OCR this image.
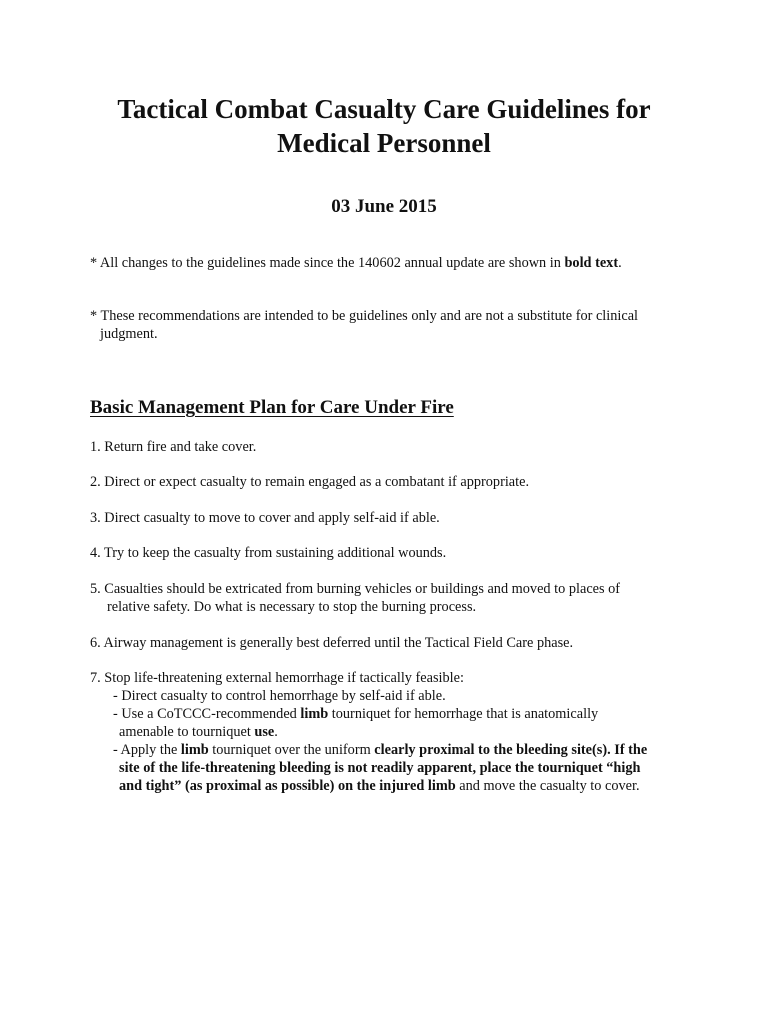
Tactical Combat Casualty Care Guidelines for
Medical Personnel
03 June 2015
* All changes to the guidelines made since the 140602 annual update are shown in bold text.
* These recommendations are intended to be guidelines only and are not a substitute for clinical
judgment.
Basic Management Plan for Care Under Fire
1. Return fire and take cover.
2. Direct or expect casualty to remain engaged as a combatant if appropriate.
3. Direct casualty to move to cover and apply self-aid if able.
4. Try to keep the casualty from sustaining additional wounds.
5. Casualties should be extricated from burning vehicles or buildings and moved to places of
relative safety. Do what is necessary to stop the burning process.
6. Airway management is generally best deferred until the Tactical Field Care phase.
7. Stop life-threatening external hemorrhage if tactically feasible:
- Direct casualty to control hemorrhage by self-aid if able.
- Use a CoTCCC-recommended limb tourniquet for hemorrhage that is anatomically
amenable to tourniquet use.
- Apply the limb tourniquet over the uniform clearly proximal to the bleeding site(s). If the
site of the life-threatening bleeding is not readily apparent, place the tourniquet “high
and tight” (as proximal as possible) on the injured limb and move the casualty to cover.
